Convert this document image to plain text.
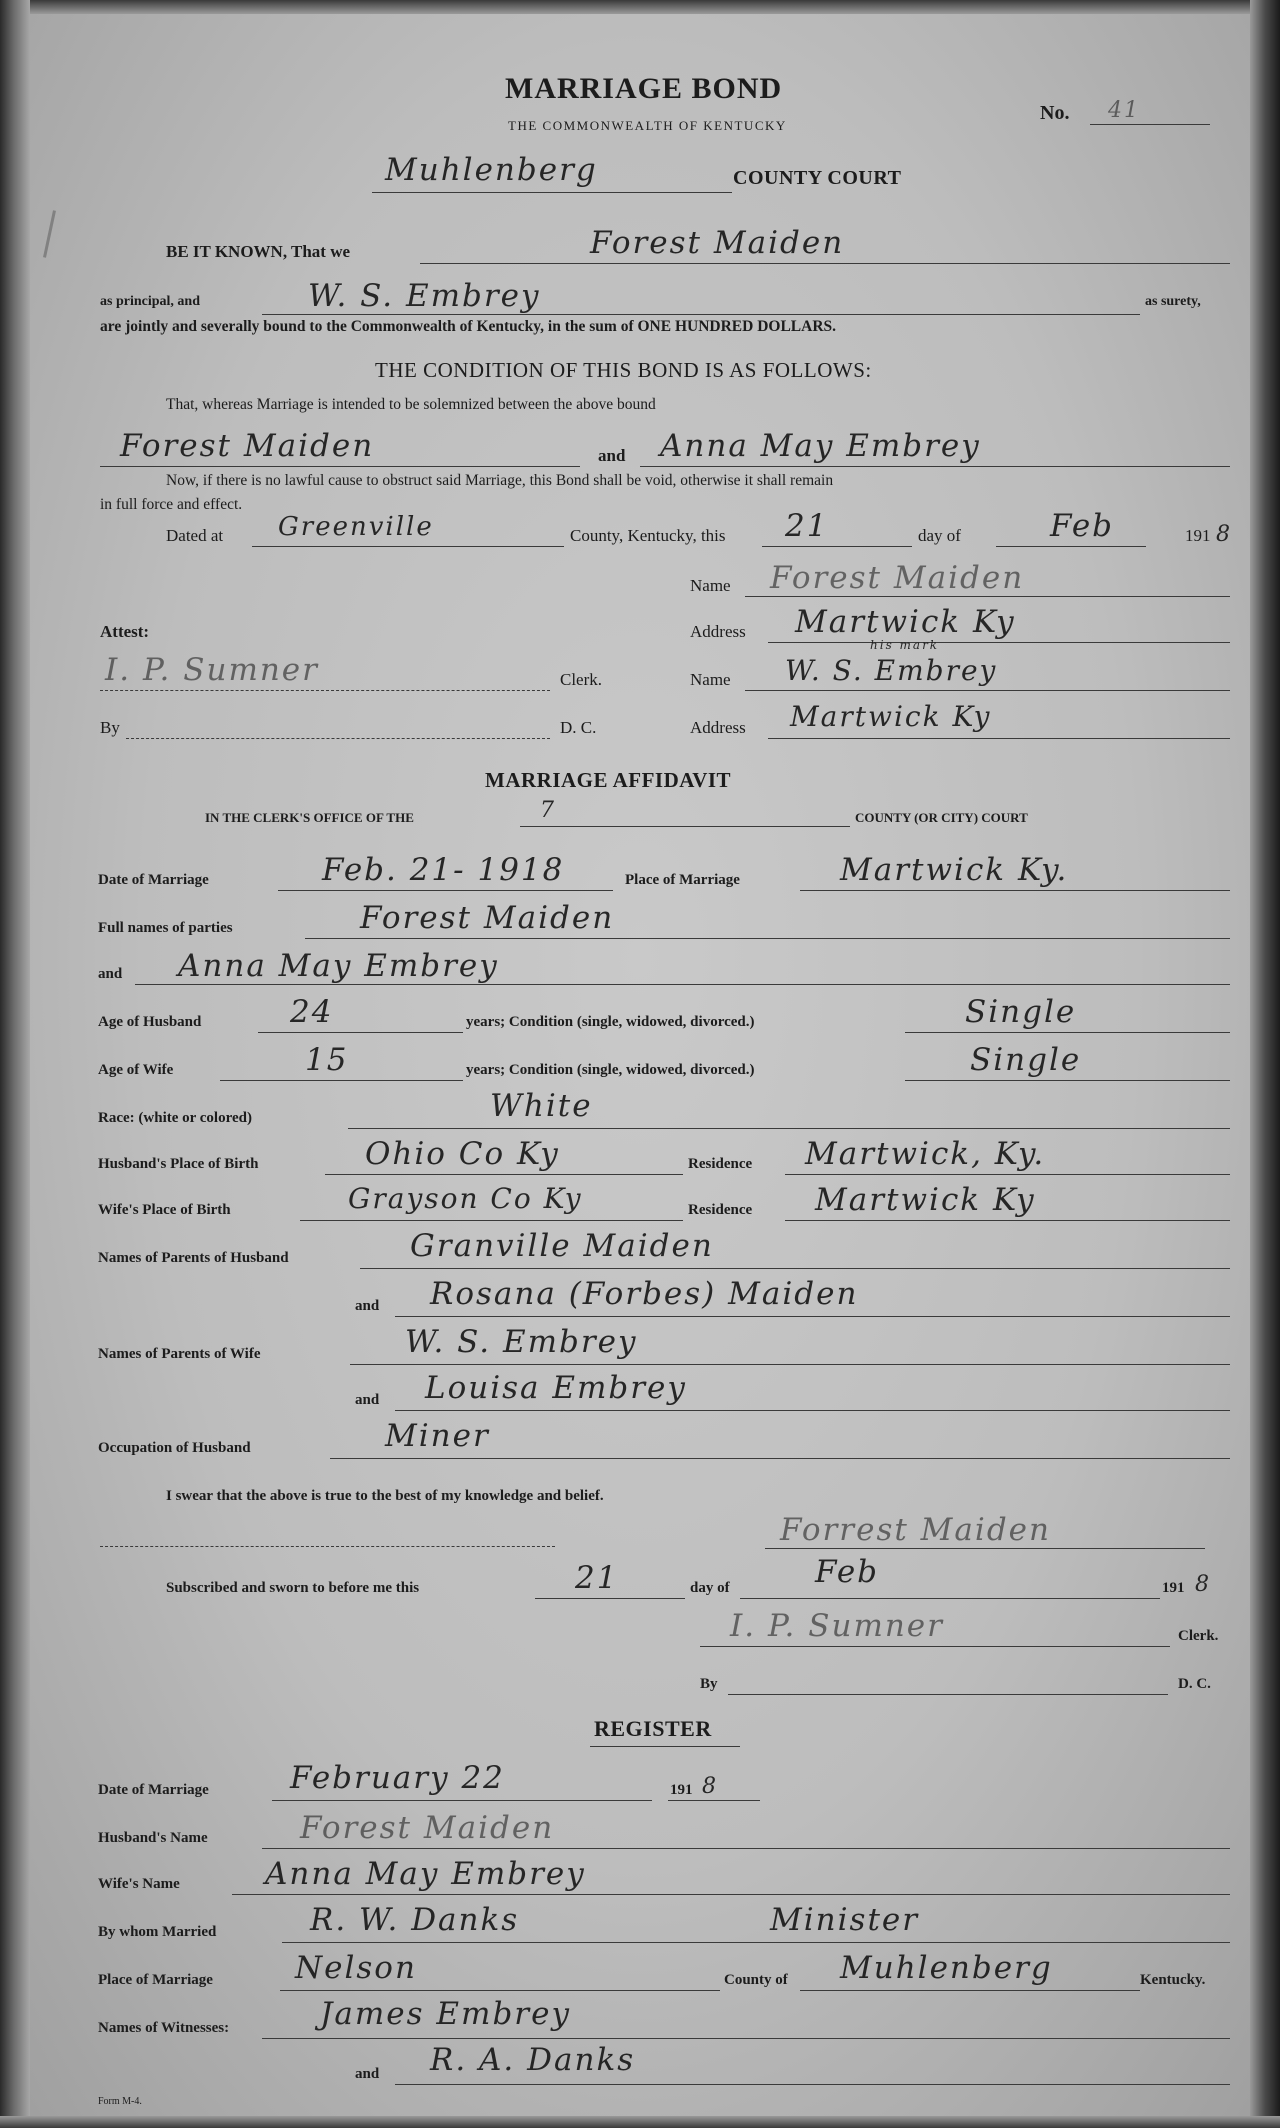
MARRIAGE BOND
THE COMMONWEALTH OF KENTUCKY
No. 41
Muhlenberg	COUNTY COURT
BE IT KNOWN, That we	Forest Maiden
as principal, and	W. S. Embrey	as surety,
are jointly and severally bound to the Commonwealth of Kentucky, in the sum of ONE HUNDRED DOLLARS.
THE CONDITION OF THIS BOND IS AS FOLLOWS:
That, whereas Marriage is intended to be solemnized between the above bound
Forest Maiden	and Anna May Embrey
Now, if there is no lawful cause to obstruct said Marriage, this Bond shall be void, otherwise it shall remain
in full force and effect.
Dated at Greenville	County, Kentucky, this 21	day of	Feb	191 8
Name Forest Maiden
Attest:	Address Martwick Ky
I. P. Sumner	Clerk.	Name W. S. Embrey
his mark
By	D. C.	Address Martwick Ky
MARRIAGE AFFIDAVIT
IN THE CLERK'S OFFICE OF THE	7	COUNTY (OR CITY) COURT
Date of Marriage	Feb. 21- 1918	Place of Marriage	Martwick Ky.
Full names of parties	Forest Maiden
and Anna May Embrey
Age of Husband	24	years; Condition (single, widowed, divorced.)	Single
Age of Wife	15	years; Condition (single, widowed, divorced.)	Single
Race: (white or colored)	White
Husband's Place of Birth	Ohio Co Ky	Residence Martwick, Ky.
Wife's Place of Birth	Grayson Co Ky	Residence Martwick Ky
Names of Parents of Husband	Granville Maiden
and Rosana (Forbes) Maiden
Names of Parents of Wife	W. S. Embrey
and Louisa Embrey
Occupation of Husband	Miner
I swear that the above is true to the best of my knowledge and belief.
Forrest Maiden
Subscribed and sworn to before me this	21	day of	Feb	191 8
I. P. Sumner	Clerk.
By	D. C.
REGISTER
Date of Marriage	February 22	191 8
Husband's Name	Forest Maiden
Wife's Name	Anna May Embrey
By whom Married	R. W. Danks	Minister
Place of Marriage	Nelson	County of Muhlenberg	Kentucky.
Names of Witnesses:	James Embrey
and R. A. Danks
Form M-4.
